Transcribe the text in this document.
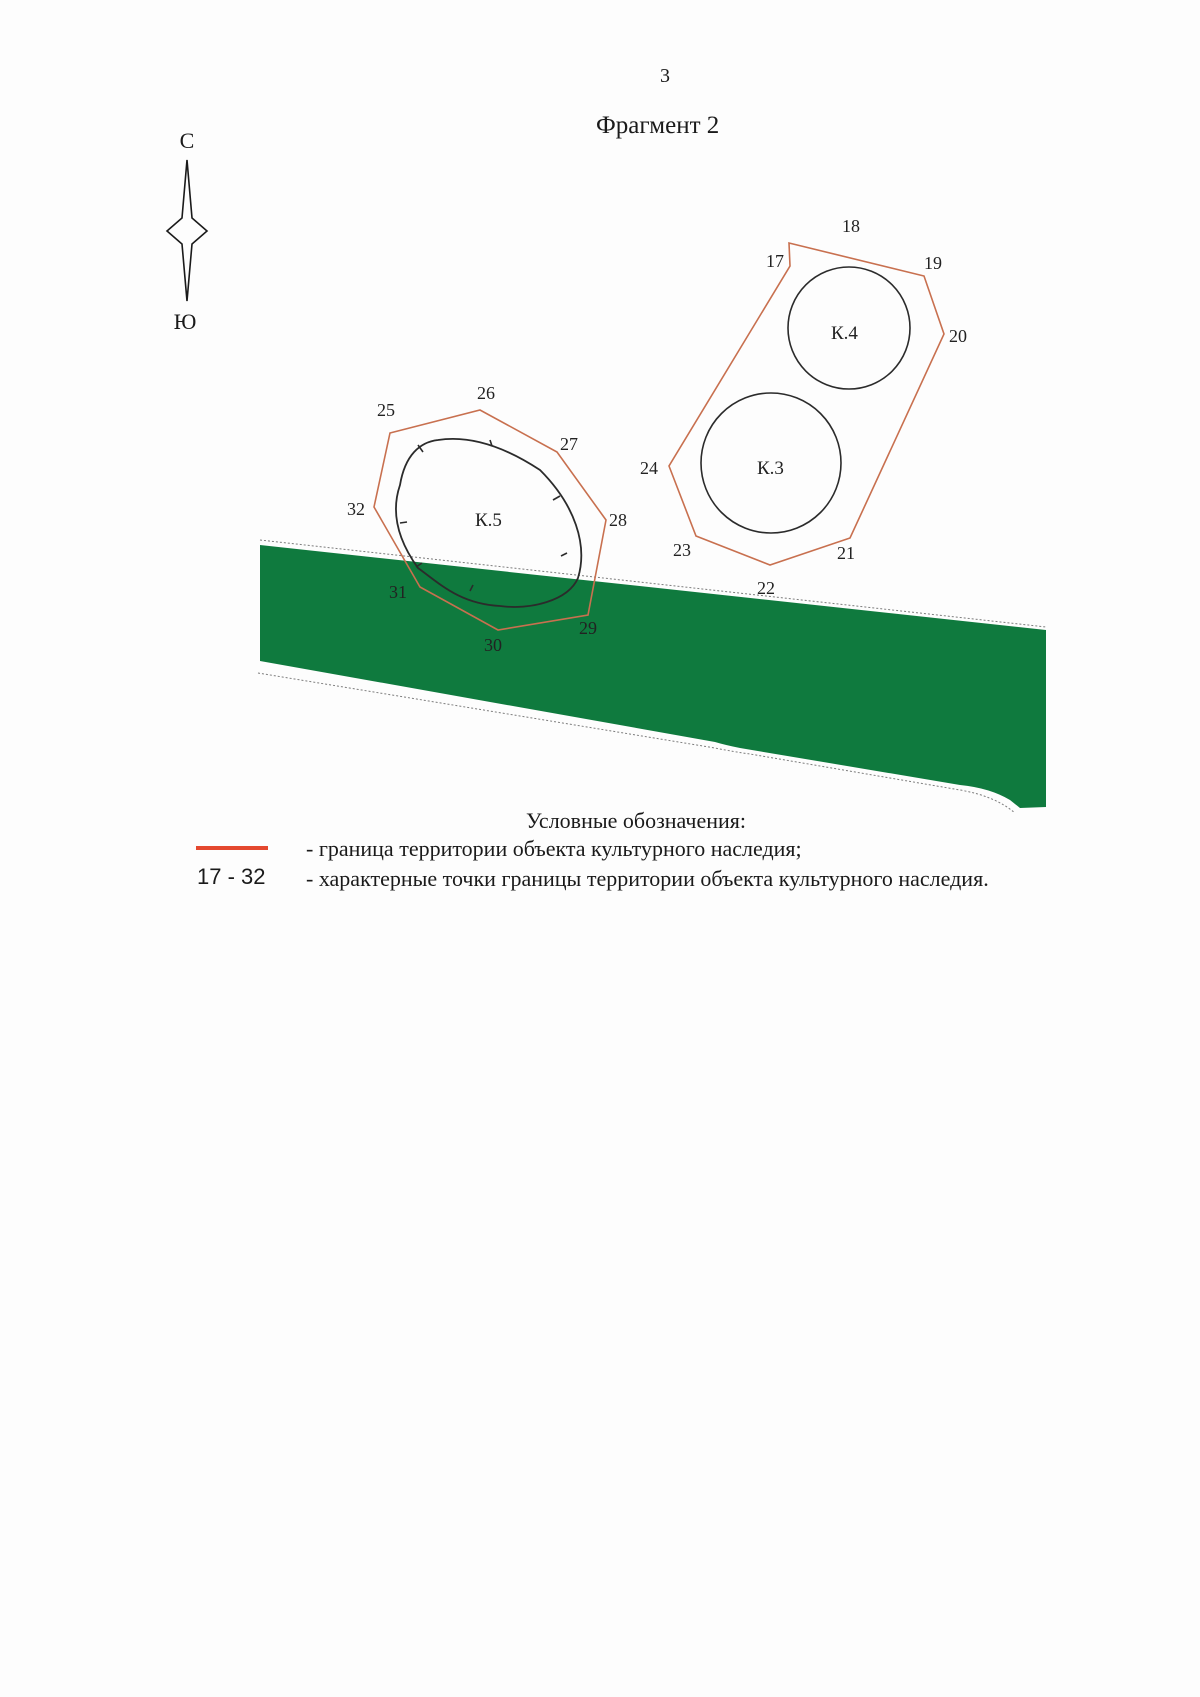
3
Фрагмент 2
С
Ю	К.4
К.3
К.5
17
18
19
20
21
22
23
24
25
26
27
28
29
30
31
32
Условные обозначения:
- граница территории объекта культурного наследия;
17 - 32 - характерные точки границы территории объекта культурного наследия.
